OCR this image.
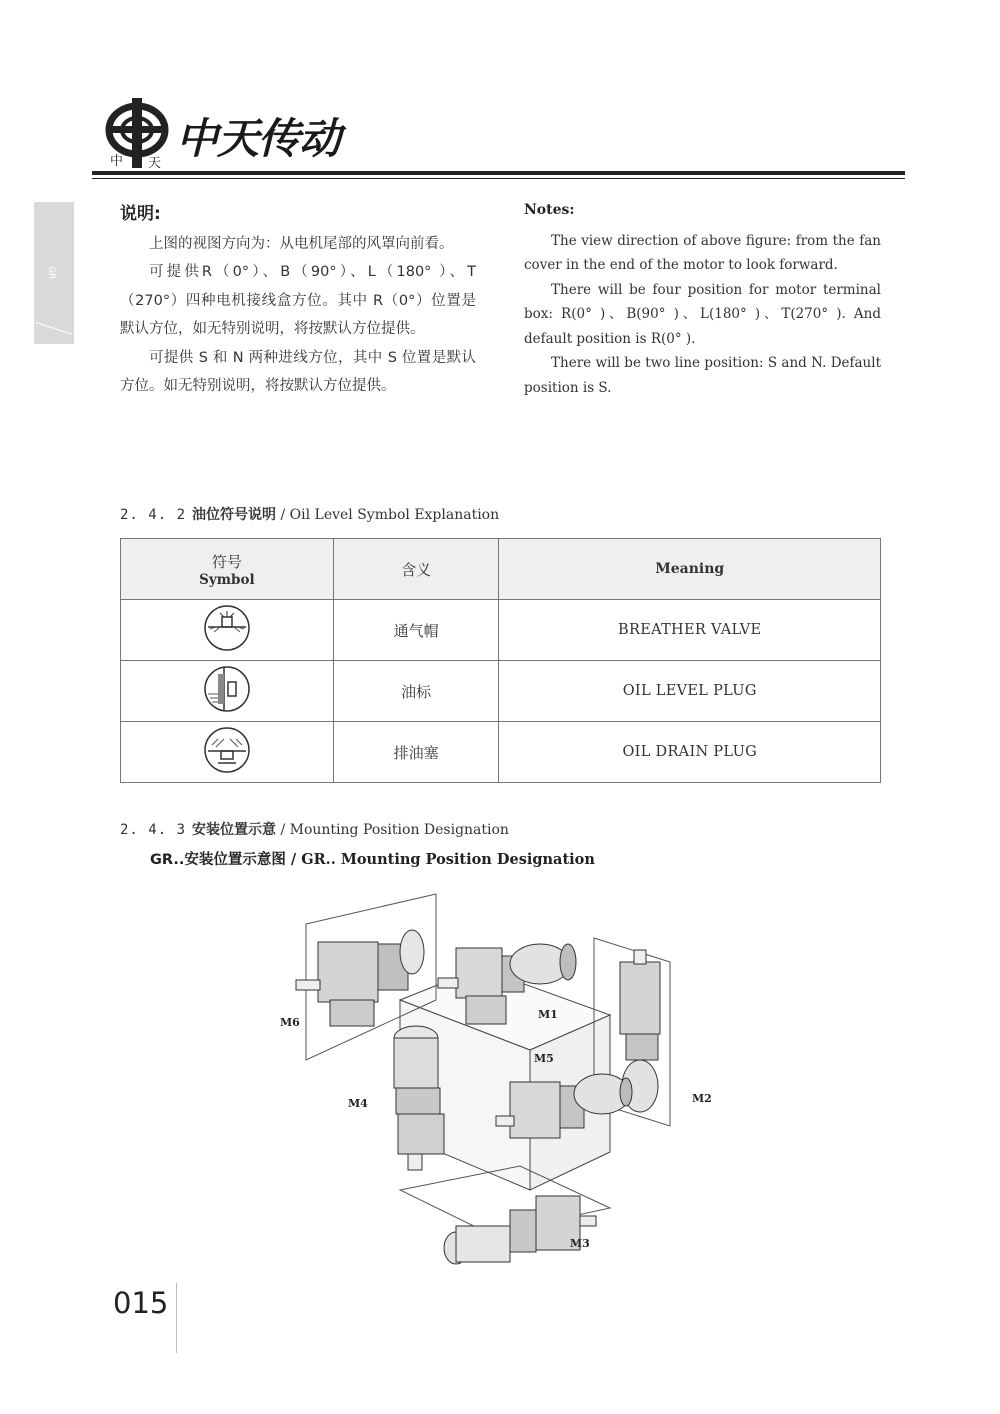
中 天
中天传动
GR
说明:

上图的视图方向为：从电机尾部的风罩向前看。

可提供R（0°）、B（90°）、L（180° ）、T（270°）四种电机接线盒方位。其中 R（0°）位置是默认方位，如无特别说明，将按默认方位提供。

可提供 S 和 N 两种进线方位，其中 S 位置是默认方位。如无特别说明，将按默认方位提供。

Notes:

The view direction of above figure: from the fan cover in the end of the motor to look forward.

There will be four position for motor terminal box: R(0° )、B(90° )、L(180° )、T(270° ). And default position is R(0° ).

There will be two line position: S and N. Default position is S.

2. 4. 2 油位符号说明 / Oil Level Symbol Explanation
符号
Symbol	含义	Meaning
	通气帽	BREATHER VALVE
	油标	OIL LEVEL PLUG
	排油塞	OIL DRAIN PLUG
2. 4. 3 安装位置示意 / Mounting Position Designation
GR..安装位置示意图 / GR.. Mounting Position Designation
M1
M2
M3
M4
M5
M6
015
